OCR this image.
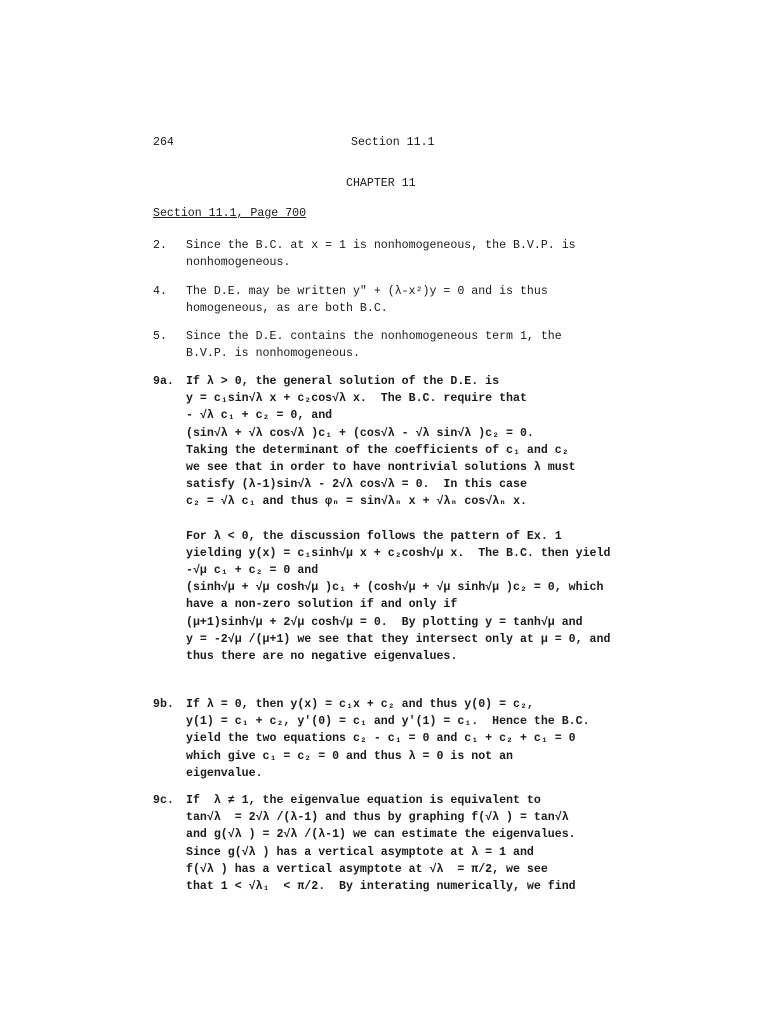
264	Section 11.1
CHAPTER 11
Section 11.1, Page 700
2. Since the B.C. at x = 1 is nonhomogeneous, the B.V.P. is
nonhomogeneous.
4. The D.E. may be written y" + (λ-x²)y = 0 and is thus
homogeneous, as are both B.C.
5. Since the D.E. contains the nonhomogeneous term 1, the
B.V.P. is nonhomogeneous.
9a. If λ > 0, the general solution of the D.E. is
y = c₁sin√λ x + c₂cos√λ x.  The B.C. require that
- √λ c₁ + c₂ = 0, and
(sin√λ + √λ cos√λ )c₁ + (cos√λ - √λ sin√λ )c₂ = 0.
Taking the determinant of the coefficients of c₁ and c₂
we see that in order to have nontrivial solutions λ must
satisfy (λ-1)sin√λ - 2√λ cos√λ = 0.  In this case
c₂ = √λ c₁ and thus φₙ = sin√λₙ x + √λₙ cos√λₙ x.
For λ < 0, the discussion follows the pattern of Ex. 1
yielding y(x) = c₁sinh√μ x + c₂cosh√μ x.  The B.C. then yield
-√μ c₁ + c₂ = 0 and
(sinh√μ + √μ cosh√μ )c₁ + (cosh√μ + √μ sinh√μ )c₂ = 0, which
have a non-zero solution if and only if
(μ+1)sinh√μ + 2√μ cosh√μ = 0.  By plotting y = tanh√μ and
y = -2√μ /(μ+1) we see that they intersect only at μ = 0, and
thus there are no negative eigenvalues.
9b. If λ = 0, then y(x) = c₁x + c₂ and thus y(0) = c₂,
y(1) = c₁ + c₂, y'(0) = c₁ and y'(1) = c₁.  Hence the B.C.
yield the two equations c₂ - c₁ = 0 and c₁ + c₂ + c₁ = 0
which give c₁ = c₂ = 0 and thus λ = 0 is not an
eigenvalue.
9c. If  λ ≠ 1, the eigenvalue equation is equivalent to
tan√λ  = 2√λ /(λ-1) and thus by graphing f(√λ ) = tan√λ
and g(√λ ) = 2√λ /(λ-1) we can estimate the eigenvalues.
Since g(√λ ) has a vertical asymptote at λ = 1 and
f(√λ ) has a vertical asymptote at √λ  = π/2, we see
that 1 < √λ₁  < π/2.  By interating numerically, we find
